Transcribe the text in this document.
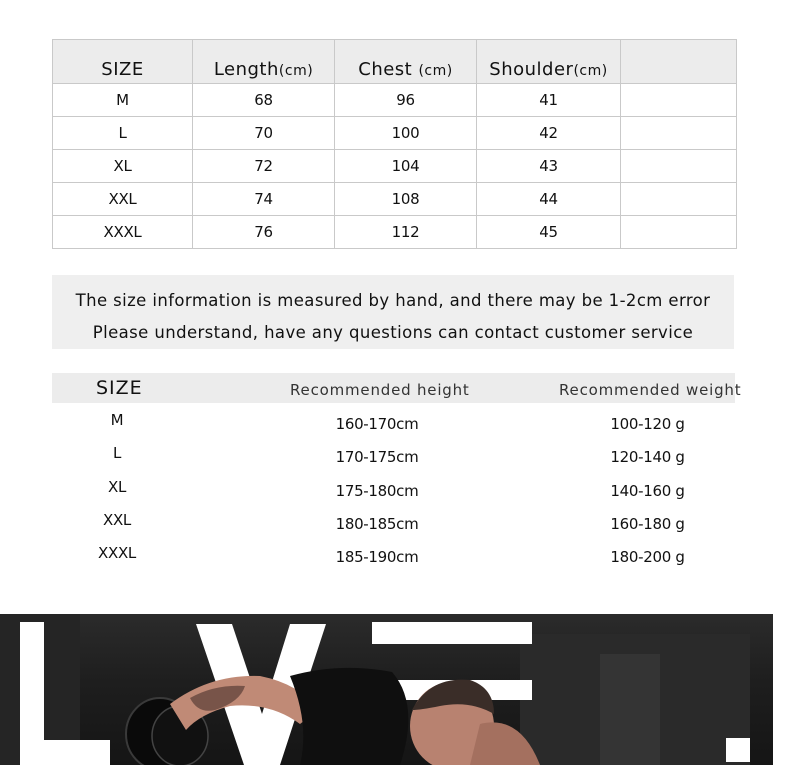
SIZE	Length(cm)	Chest (cm)	Shoulder(cm)	
M	68	96	41	
L	70	100	42	
XL	72	104	43	
XXL	74	108	44	
XXXL	76	112	45	
The size information is measured by hand, and there may be 1-2cm error
Please understand, have any questions can contact customer service
SIZE	Recommended height	Recommended weight
M	160-170cm	100-120 g
L	170-175cm	120-140 g
XL	175-180cm	140-160 g
XXL	180-185cm	160-180 g
XXXL	185-190cm	180-200 g
